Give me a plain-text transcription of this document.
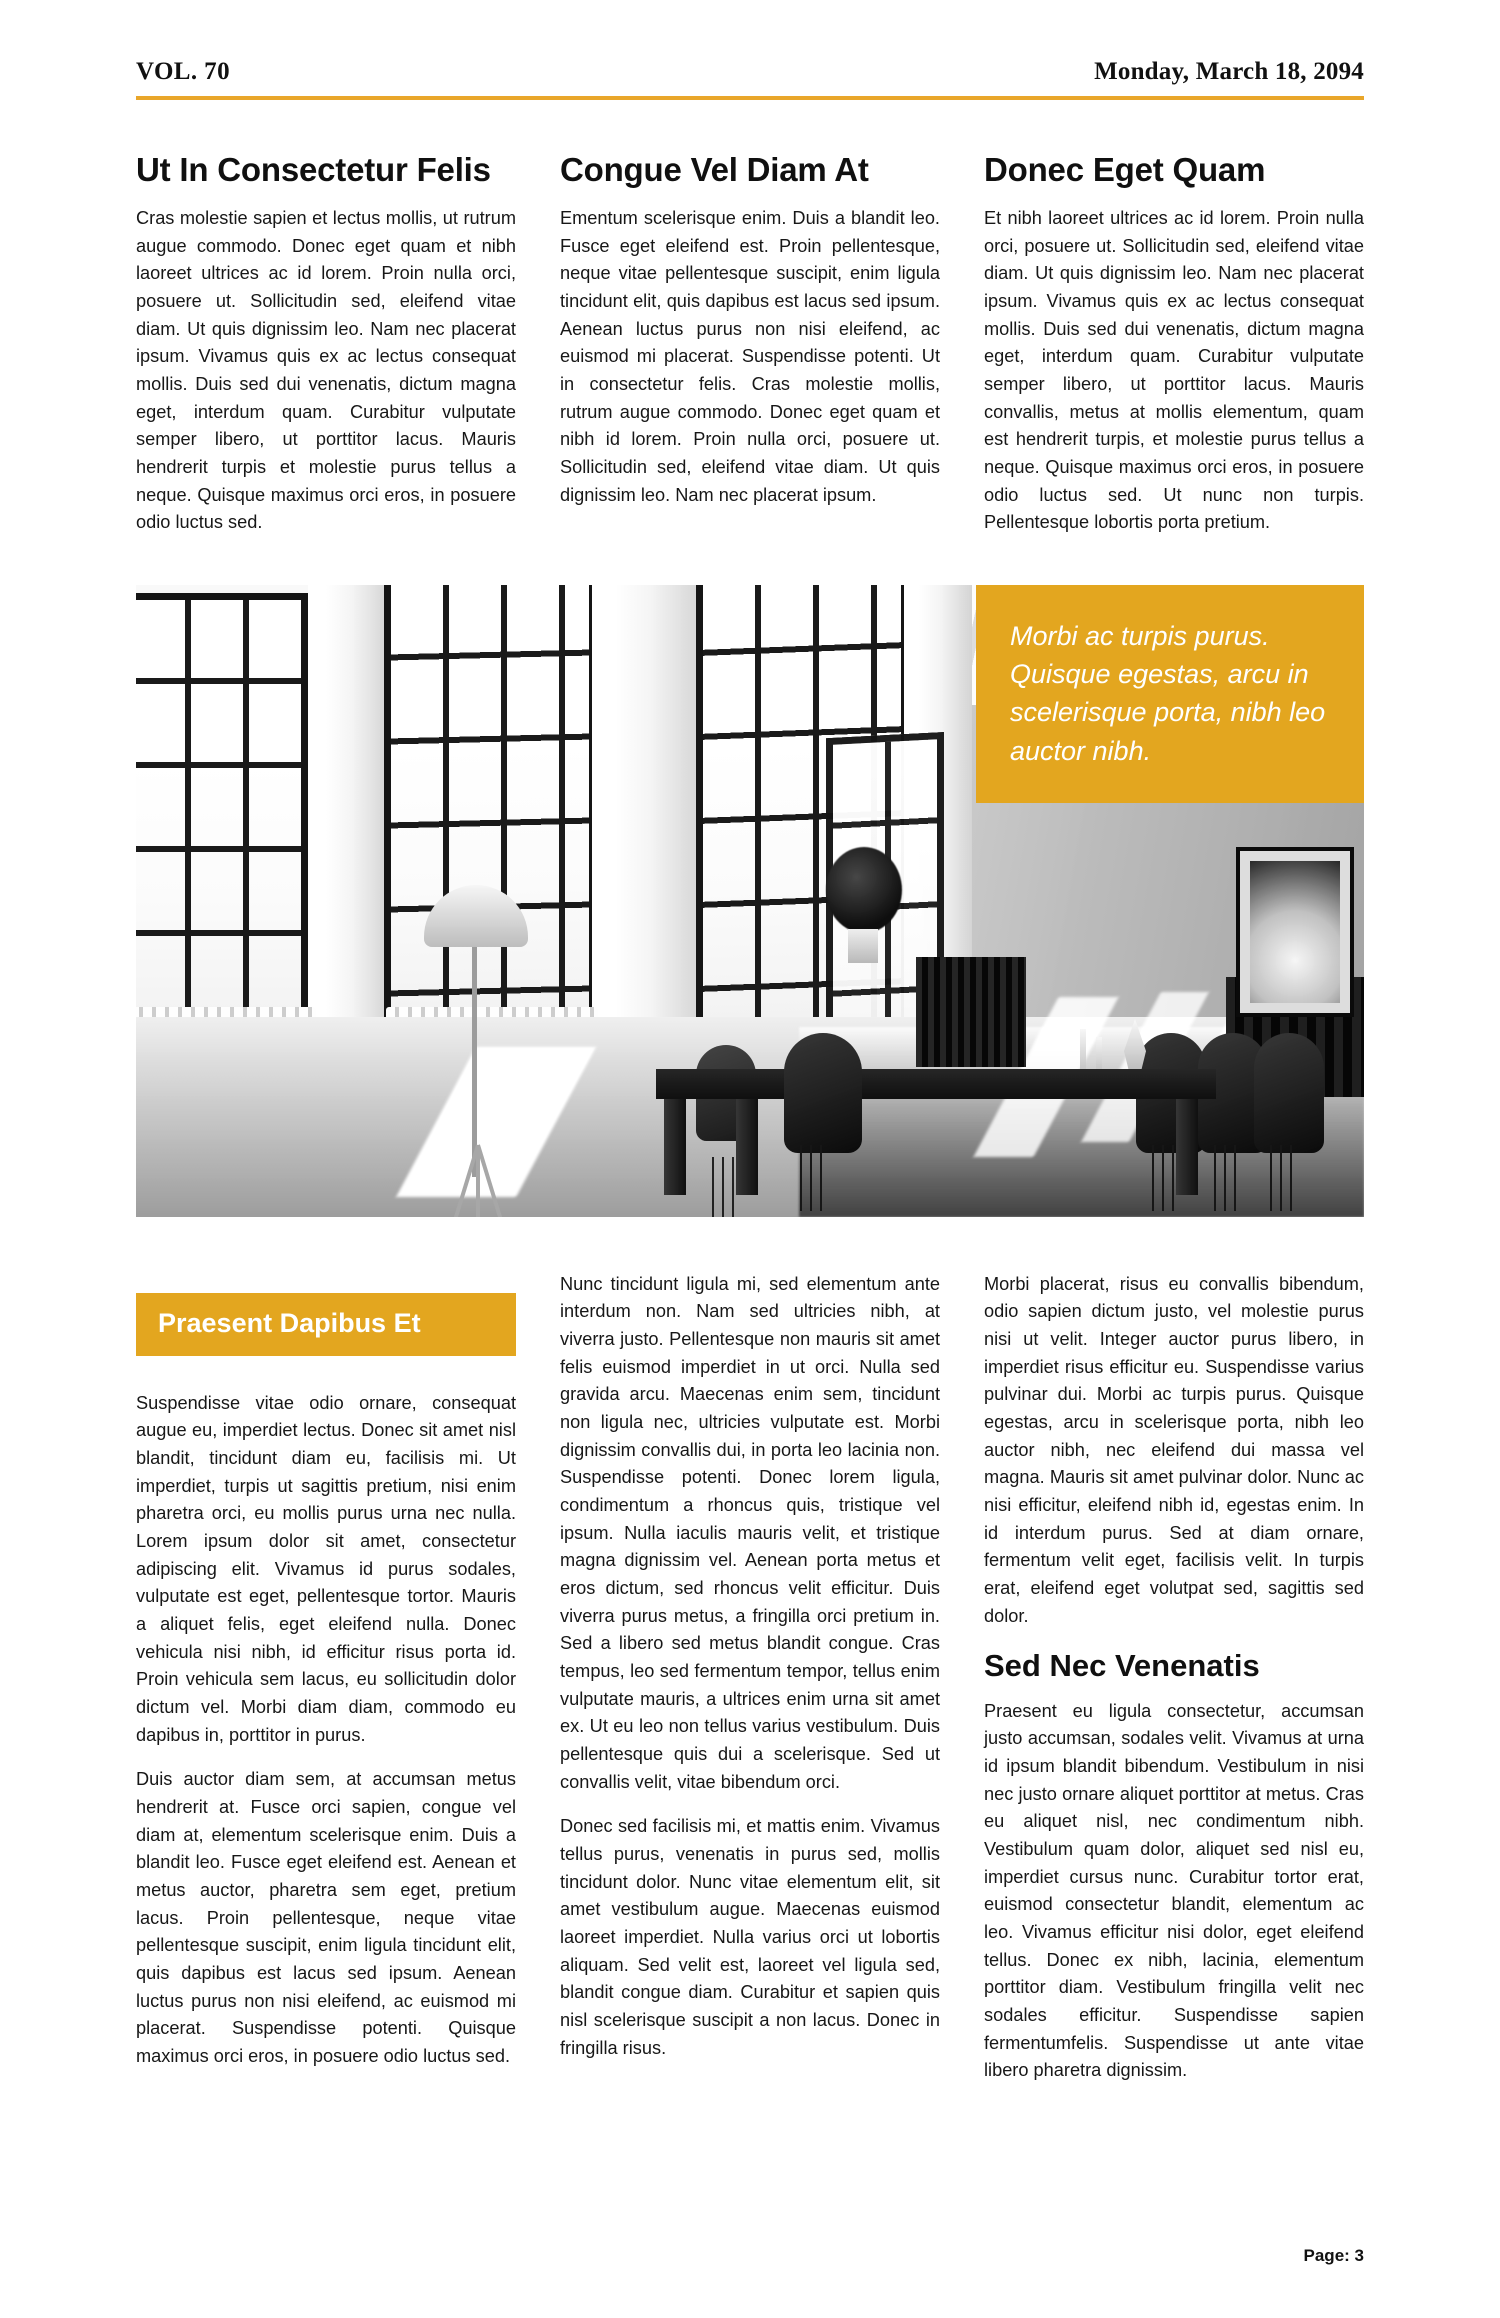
VOL. 70	Monday, March 18, 2094
Ut In Consectetur Felis

Cras molestie sapien et lectus mollis, ut rutrum augue commodo. Donec eget quam et nibh laoreet ultrices ac id lorem. Proin nulla orci, posuere ut. Sollicitudin sed, eleifend vitae diam. Ut quis dignissim leo. Nam nec placerat ipsum. Vivamus quis ex ac lectus consequat mollis. Duis sed dui venenatis, dictum magna eget, interdum quam. Curabitur vulputate semper libero, ut porttitor lacus. Mauris hendrerit turpis et molestie purus tellus a neque. Quisque maximus orci eros, in posuere odio luctus sed.

Congue Vel Diam At

Ementum scelerisque enim. Duis a blandit leo. Fusce eget eleifend est. Proin pellentesque, neque vitae pellentesque suscipit, enim ligula tincidunt elit, quis dapibus est lacus sed ipsum. Aenean luctus purus non nisi eleifend, ac euismod mi placerat. Suspendisse potenti. Ut in consectetur felis. Cras molestie mollis, rutrum augue commodo. Donec eget quam et nibh id lorem. Proin nulla orci, posuere ut. Sollicitudin sed, eleifend vitae diam. Ut quis dignissim leo. Nam nec placerat ipsum.

Donec Eget Quam

Et nibh laoreet ultrices ac id lorem. Proin nulla orci, posuere ut. Sollicitudin sed, eleifend vitae diam. Ut quis dignissim leo. Nam nec placerat ipsum. Vivamus quis ex ac lectus consequat mollis. Duis sed dui venenatis, dictum magna eget, interdum quam. Curabitur vulputate semper libero, ut porttitor lacus. Mauris convallis, metus at mollis elementum, quam est hendrerit turpis, et molestie purus tellus a neque. Quisque maximus orci eros, in posuere odio luctus sed. Ut nunc non turpis. Pellentesque lobortis porta pretium.

Morbi ac turpis purus. Quisque egestas, arcu in scelerisque porta, nibh leo auctor nibh.

Praesent Dapibus Et

Suspendisse vitae odio ornare, consequat augue eu, imperdiet lectus. Donec sit amet nisl blandit, tincidunt diam eu, facilisis mi. Ut imperdiet, turpis ut sagittis pretium, nisi enim pharetra orci, eu mollis purus urna nec nulla. Lorem ipsum dolor sit amet, consectetur adipiscing elit. Vivamus id purus sodales, vulputate est eget, pellentesque tortor. Mauris a aliquet felis, eget eleifend nulla. Donec vehicula nisi nibh, id efficitur risus porta id. Proin vehicula sem lacus, eu sollicitudin dolor dictum vel. Morbi diam diam, commodo eu dapibus in, porttitor in purus.

Duis auctor diam sem, at accumsan metus hendrerit at. Fusce orci sapien, congue vel diam at, elementum scelerisque enim. Duis a blandit leo. Fusce eget eleifend est. Aenean et metus auctor, pharetra sem eget, pretium lacus. Proin pellentesque, neque vitae pellentesque suscipit, enim ligula tincidunt elit, quis dapibus est lacus sed ipsum. Aenean luctus purus non nisi eleifend, ac euismod mi placerat. Suspendisse potenti. Quisque maximus orci eros, in posuere odio luctus sed.

Nunc tincidunt ligula mi, sed elementum ante interdum non. Nam sed ultricies nibh, at viverra justo. Pellentesque non mauris sit amet felis euismod imperdiet in ut orci. Nulla sed gravida arcu. Maecenas enim sem, tincidunt non ligula nec, ultricies vulputate est. Morbi dignissim convallis dui, in porta leo lacinia non. Suspendisse potenti. Donec lorem ligula, condimentum a rhoncus quis, tristique vel ipsum. Nulla iaculis mauris velit, et tristique magna dignissim vel. Aenean porta metus et eros dictum, sed rhoncus velit efficitur. Duis viverra purus metus, a fringilla orci pretium in. Sed a libero sed metus blandit congue. Cras tempus, leo sed fermentum tempor, tellus enim vulputate mauris, a ultrices enim urna sit amet ex. Ut eu leo non tellus varius vestibulum. Duis pellentesque quis dui a scelerisque. Sed ut convallis velit, vitae bibendum orci.

Donec sed facilisis mi, et mattis enim. Vivamus tellus purus, venenatis in purus sed, mollis tincidunt dolor. Nunc vitae elementum elit, sit amet vestibulum augue. Maecenas euismod laoreet imperdiet. Nulla varius orci ut lobortis aliquam. Sed velit est, laoreet vel ligula sed, blandit congue diam. Curabitur et sapien quis nisl scelerisque suscipit a non lacus. Donec in fringilla risus.

Morbi placerat, risus eu convallis bibendum, odio sapien dictum justo, vel molestie purus nisi ut velit. Integer auctor purus libero, in imperdiet risus efficitur eu. Suspendisse varius pulvinar dui. Morbi ac turpis purus. Quisque egestas, arcu in scelerisque porta, nibh leo auctor nibh, nec eleifend dui massa vel magna. Mauris sit amet pulvinar dolor. Nunc ac nisi efficitur, eleifend nibh id, egestas enim. In id interdum purus. Sed at diam ornare, fermentum velit eget, facilisis velit. In turpis erat, eleifend eget volutpat sed, sagittis sed dolor.

Sed Nec Venenatis

Praesent eu ligula consectetur, accumsan justo accumsan, sodales velit. Vivamus at urna id ipsum blandit bibendum. Vestibulum in nisi nec justo ornare aliquet porttitor at metus. Cras eu aliquet nisl, nec condimentum nibh. Vestibulum quam dolor, aliquet sed nisl eu, imperdiet cursus nunc. Curabitur tortor erat, euismod consectetur blandit, elementum ac leo. Vivamus efficitur nisi dolor, eget eleifend tellus. Donec ex nibh, lacinia, elementum porttitor diam. Vestibulum fringilla velit nec sodales efficitur. Suspendisse sapien fermentumfelis. Suspendisse ut ante vitae libero pharetra dignissim.

Page: 3
